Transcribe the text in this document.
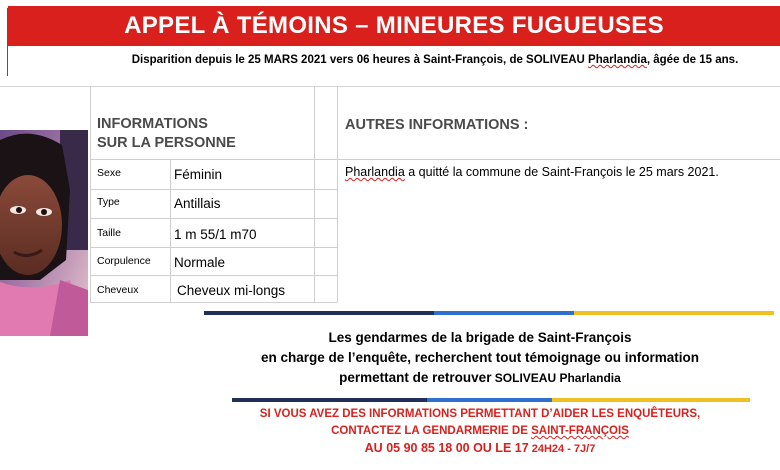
APPEL À TÉMOINS – MINEURES FUGUEUSES
Disparition depuis le 25 MARS 2021 vers 06 heures à Saint-François, de SOLIVEAU Pharlandia, âgée de 15 ans.
INFORMATIONS
SUR LA PERSONNE
Sexe	Féminin
Type	Antillais
Taille	1 m 55/1 m70
Corpulence Normale
Cheveux	Cheveux mi-longs
AUTRES INFORMATIONS :
Pharlandia a quitté la commune de Saint-François le 25 mars 2021.
Les gendarmes de la brigade de Saint-François
en charge de l’enquête, recherchent tout témoignage ou information
permettant de retrouver SOLIVEAU Pharlandia
SI VOUS AVEZ DES INFORMATIONS PERMETTANT D’AIDER LES ENQUÊTEURS,
CONTACTEZ LA GENDARMERIE DE SAINT-FRANÇOIS
AU 05 90 85 18 00 OU LE 17 24H24 - 7J/7
